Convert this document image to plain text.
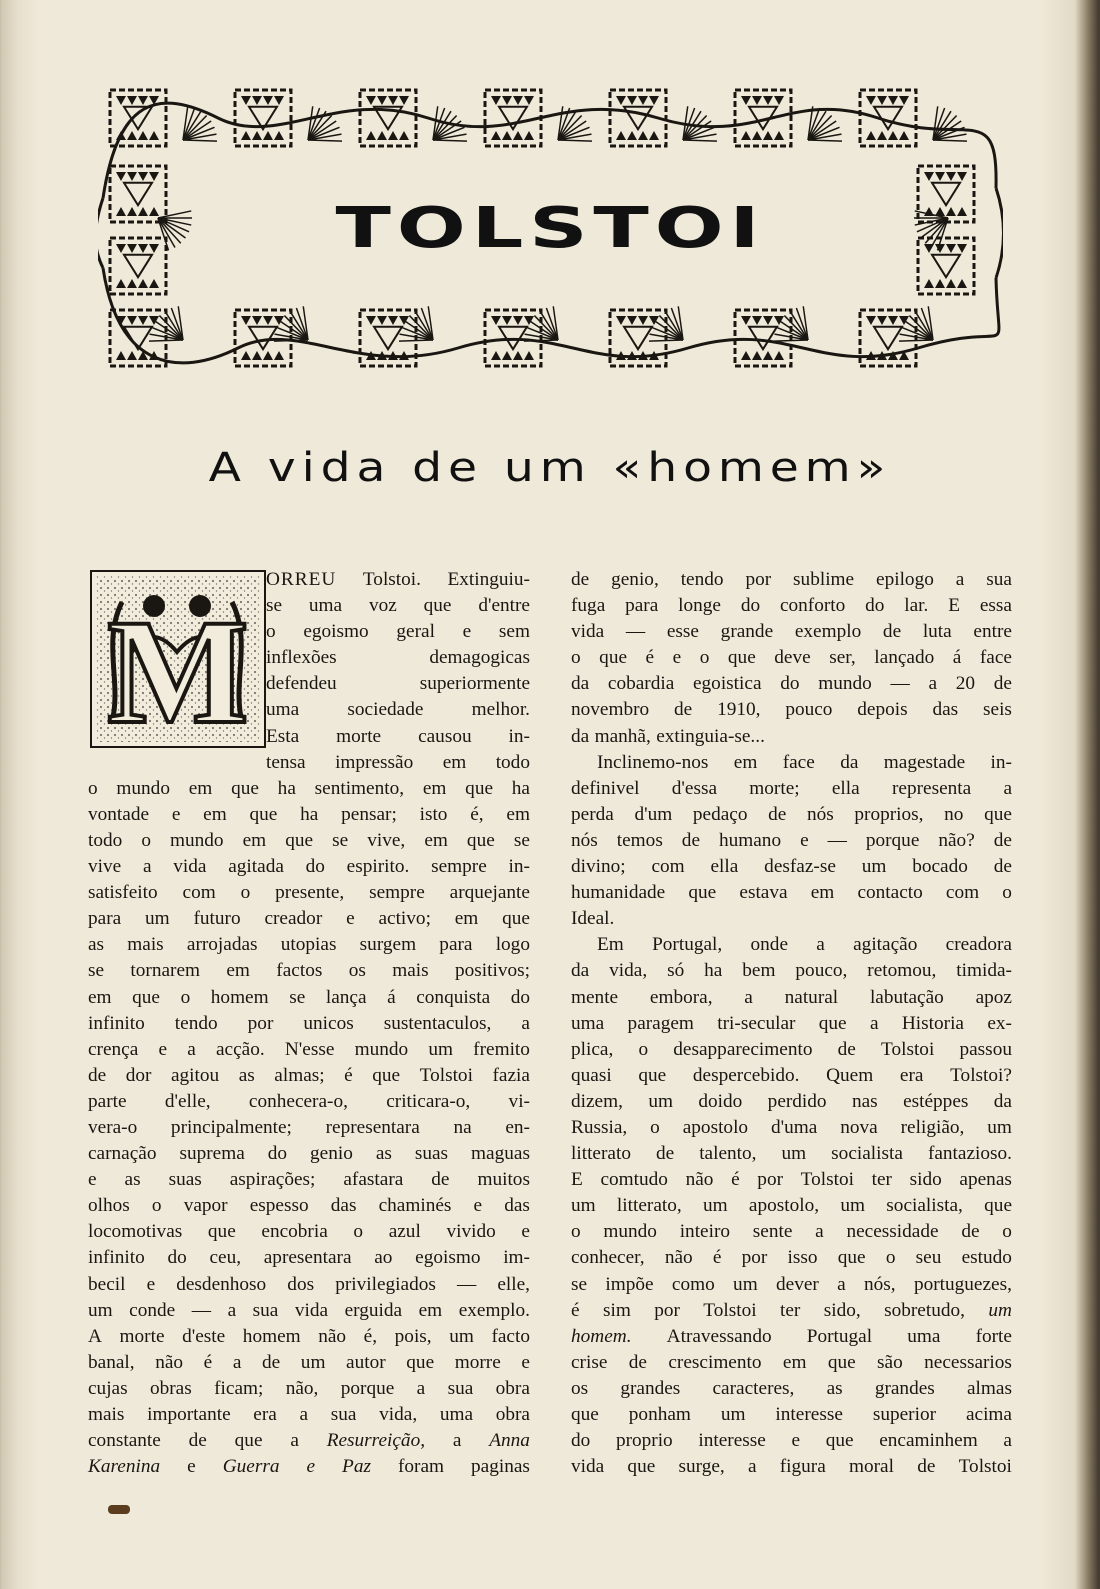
TOLSTOI
A vida de um «homem»
M
ORREU Tolstoi. Extinguiu-
se uma voz que d'entre
o egoismo geral e sem
inflexões	demagogicas
defendeu	superiormente
uma sociedade melhor.
Esta morte causou in-
tensa impressão em todo
o mundo em que ha sentimento, em que ha
vontade e em que ha pensar; isto é, em
todo o mundo em que se vive, em que se
vive a vida agitada do espirito. sempre in-
satisfeito com o presente, sempre arquejante
para um futuro creador e activo; em que
as mais arrojadas utopias surgem para logo
se tornarem em factos os mais positivos;
em que o homem se lança á conquista do
infinito tendo por unicos sustentaculos, a
crença e a acção. N'esse mundo um fremito
de dor agitou as almas; é que Tolstoi fazia
parte d'elle, conhecera-o, criticara-o, vi-
vera-o principalmente; representara na en-
carnação suprema do genio as suas maguas
e as suas aspirações; afastara de muitos
olhos o vapor espesso das chaminés e das
locomotivas que encobria o azul vivido e
infinito do ceu, apresentara ao egoismo im-
becil e desdenhoso dos privilegiados — elle,
um conde — a sua vida erguida em exemplo.
A morte d'este homem não é, pois, um facto
banal, não é a de um autor que morre e
cujas obras ficam; não, porque a sua obra
mais importante era a sua vida, uma obra
constante de que a Resurreição, a Anna
Karenina e Guerra e Paz foram paginas
de genio, tendo por sublime epilogo a sua
fuga para longe do conforto do lar. E essa
vida — esse grande exemplo de luta entre
o que é e o que deve ser, lançado á face
da cobardia egoistica do mundo — a 20 de
novembro de 1910, pouco depois das seis
da manhã, extinguia-se...
Inclinemo-nos em face da magestade in-
definivel d'essa morte; ella representa a
perda d'um pedaço de nós proprios, no que
nós temos de humano e — porque não? de
divino; com ella desfaz-se um bocado de
humanidade que estava em contacto com o
Ideal.
Em Portugal, onde a agitação creadora
da vida, só ha bem pouco, retomou, timida-
mente embora, a natural labutação apoz
uma paragem tri-secular que a Historia ex-
plica, o desapparecimento de Tolstoi passou
quasi que despercebido. Quem era Tolstoi?
dizem, um doido perdido nas estéppes da
Russia, o apostolo d'uma nova religião, um
litterato de talento, um socialista fantazioso.
E comtudo não é por Tolstoi ter sido apenas
um litterato, um apostolo, um socialista, que
o mundo inteiro sente a necessidade de o
conhecer, não é por isso que o seu estudo
se impõe como um dever a nós, portuguezes,
é sim por Tolstoi ter sido, sobretudo, um
homem. Atravessando Portugal uma forte
crise de crescimento em que são necessarios
os grandes caracteres, as grandes almas
que ponham um interesse superior acima
do proprio interesse e que encaminhem a
vida que surge, a figura moral de Tolstoi
